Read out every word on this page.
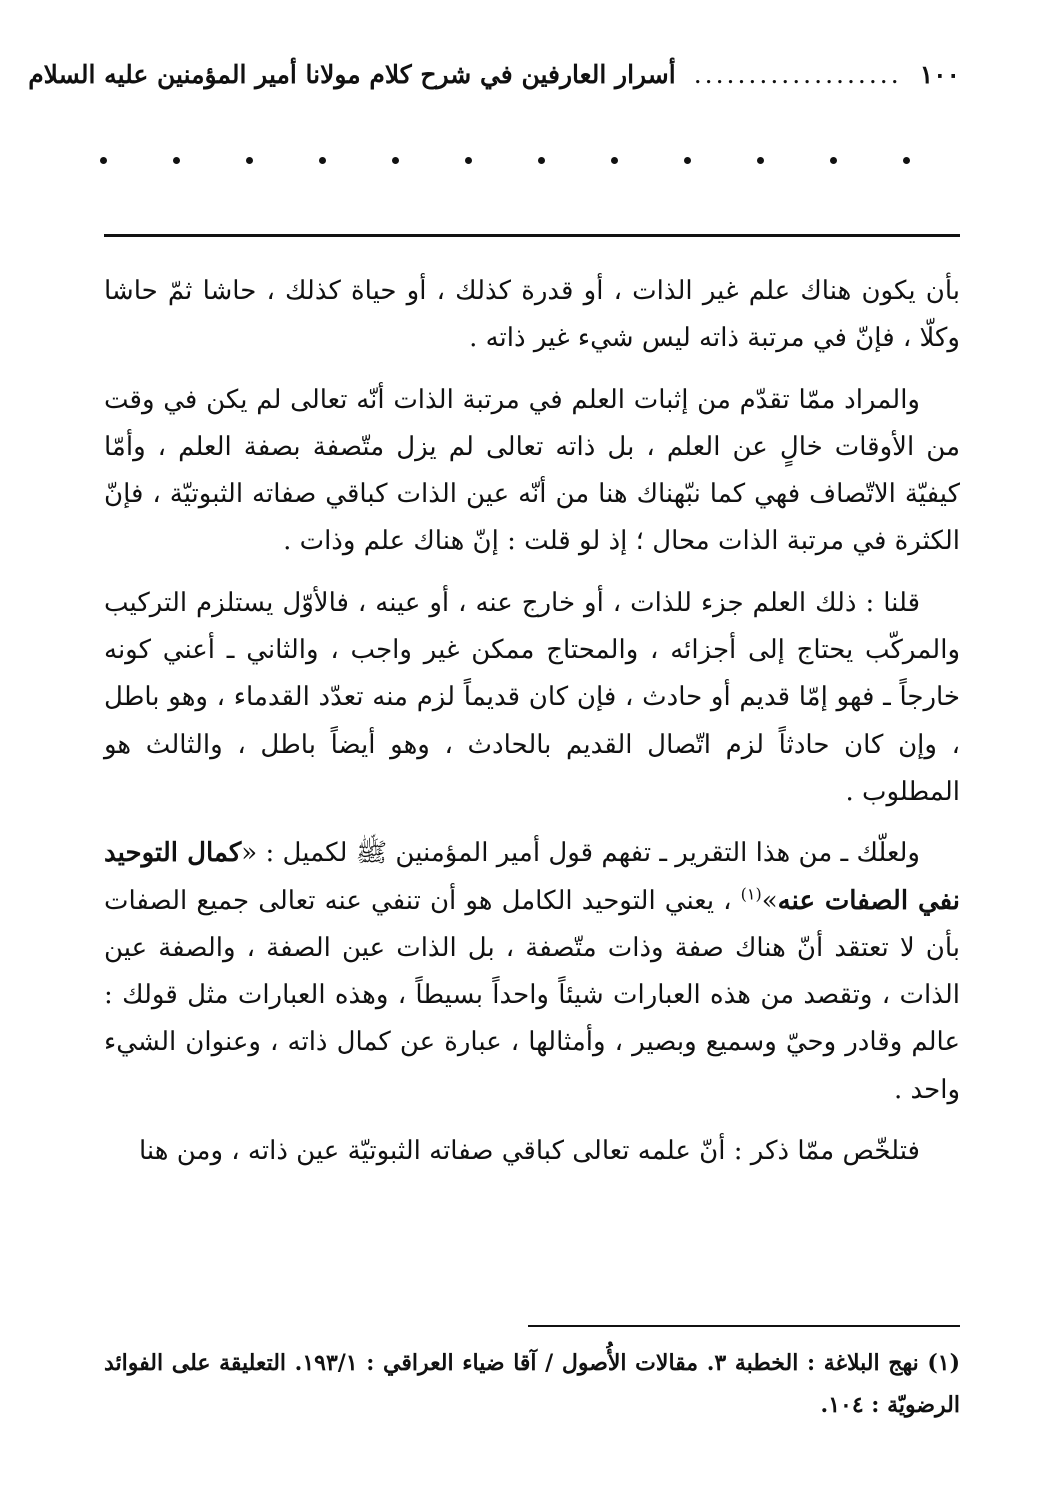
١٠٠
...................
أسرار العارفين في شرح كلام مولانا أمير المؤمنين عليه السلام

بأن يكون هناك علم غير الذات ، أو قدرة كذلك ، أو حياة كذلك ، حاشا ثمّ حاشا وكلّا ، فإنّ في مرتبة ذاته ليس شيء غير ذاته .

والمراد ممّا تقدّم من إثبات العلم في مرتبة الذات أنّه تعالى لم يكن في وقت من الأوقات خالٍ عن العلم ، بل ذاته تعالى لم يزل متّصفة بصفة العلم ، وأمّا كيفيّة الاتّصاف فهي كما نبّهناك هنا من أنّه عين الذات كباقي صفاته الثبوتيّة ، فإنّ الكثرة في مرتبة الذات محال ؛ إذ لو قلت : إنّ هناك علم وذات .

قلنا : ذلك العلم جزء للذات ، أو خارج عنه ، أو عينه ، فالأوّل يستلزم التركيب والمركّب يحتاج إلى أجزائه ، والمحتاج ممكن غير واجب ، والثاني ـ أعني كونه خارجاً ـ فهو إمّا قديم أو حادث ، فإن كان قديماً لزم منه تعدّد القدماء ، وهو باطل ، وإن كان حادثاً لزم اتّصال القديم بالحادث ، وهو أيضاً باطل ، والثالث هو المطلوب .

ولعلّك ـ من هذا التقرير ـ تفهم قول أمير المؤمنين ﷺ لكميل : «كمال التوحيد نفي الصفات عنه»$^{(١)}$ ، يعني التوحيد الكامل هو أن تنفي عنه تعالى جميع الصفات بأن لا تعتقد أنّ هناك صفة وذات متّصفة ، بل الذات عين الصفة ، والصفة عين الذات ، وتقصد من هذه العبارات شيئاً واحداً بسيطاً ، وهذه العبارات مثل قولك : عالم وقادر وحيّ وسميع وبصير ، وأمثالها ، عبارة عن كمال ذاته ، وعنوان الشيء واحد .

فتلخّص ممّا ذكر : أنّ علمه تعالى كباقي صفاته الثبوتيّة عين ذاته ، ومن هنا

(١) نهج البلاغة : الخطبة ٣. مقالات الأُصول / آقا ضياء العراقي : ١٩٣/١. التعليقة على الفوائد الرضويّة : ١٠٤.
